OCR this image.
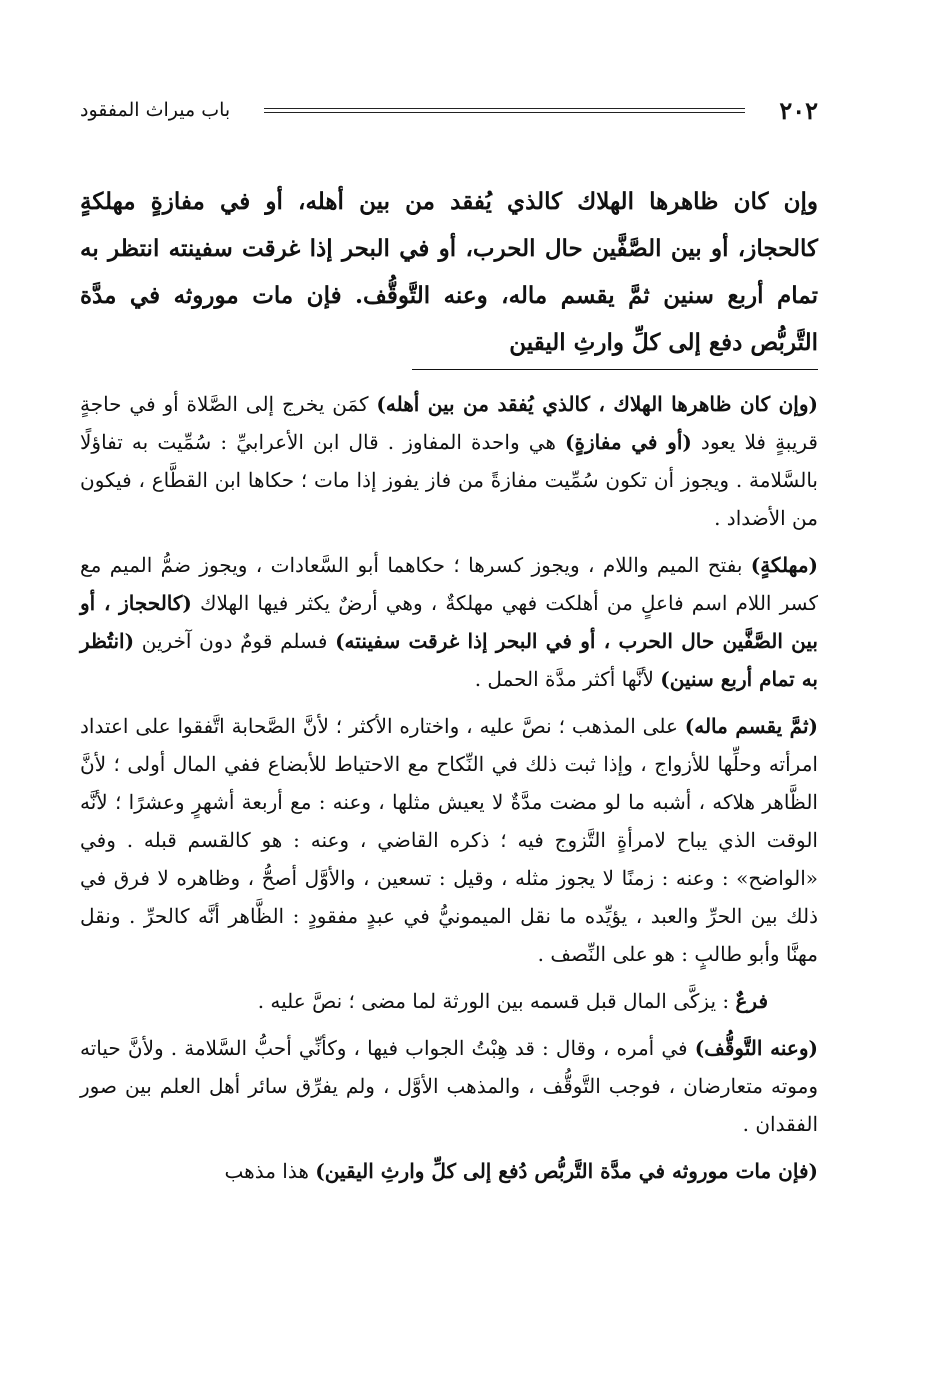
٢٠٢
باب ميراث المفقود
وإن كان ظاهرها الهلاك كالذي يُفقد من بين أهله، أو في مفازةٍ مهلكةٍ كالحجاز، أو بين الصَّفَّين حال الحرب، أو في البحر إذا غرقت سفينته انتظر به تمام أربع سنين ثمَّ يقسم ماله، وعنه التَّوقُّف. فإن مات موروثه في مدَّة التَّربُّص دفع إلى كلِّ وارثِ اليقين

(وإن كان ظاهرها الهلاك ، كالذي يُفقد من بين أهله) كمَن يخرج إلى الصَّلاة أو في حاجةٍ قريبةٍ فلا يعود (أو في مفازةٍ) هي واحدة المفاوز . قال ابن الأعرابيِّ : سُمِّيت به تفاؤلًا بالسَّلامة . ويجوز أن تكون سُمِّيت مفازةً من فاز يفوز إذا مات ؛ حكاها ابن القطَّاع ، فيكون من الأضداد .

(مهلكةٍ) بفتح الميم واللام ، ويجوز كسرها ؛ حكاهما أبو السَّعادات ، ويجوز ضمُّ الميم مع كسر اللام اسم فاعلٍ من أهلكت فهي مهلكةٌ ، وهي أرضٌ يكثر فيها الهلاك (كالحجاز ، أو بين الصَّفَّين حال الحرب ، أو في البحر إذا غرقت سفينته) فسلم قومٌ دون آخرين (انتُظر به تمام أربع سنين) لأنَّها أكثر مدَّة الحمل .

(ثمَّ يقسم ماله) على المذهب ؛ نصَّ عليه ، واختاره الأكثر ؛ لأنَّ الصَّحابة اتَّفقوا على اعتداد امرأته وحلِّها للأزواج ، وإذا ثبت ذلك في النِّكاح مع الاحتياط للأبضاع ففي المال أولى ؛ لأنَّ الظَّاهر هلاكه ، أشبه ما لو مضت مدَّةٌ لا يعيش مثلها ، وعنه : مع أربعة أشهرٍ وعشرًا ؛ لأنَّه الوقت الذي يباح لامرأةٍ التَّزوج فيه ؛ ذكره القاضي ، وعنه : هو كالقسم قبله . وفي «الواضح» : وعنه : زمنًا لا يجوز مثله ، وقيل : تسعين ، والأوَّل أصحُّ ، وظاهره لا فرق في ذلك بين الحرِّ والعبد ، يؤيِّده ما نقل الميمونيُّ في عبدٍ مفقودٍ : الظَّاهر أنَّه كالحرِّ . ونقل مهنَّا وأبو طالبٍ : هو على النِّصف .

فرعٌ : يزكَّى المال قبل قسمه بين الورثة لما مضى ؛ نصَّ عليه .

(وعنه التَّوقُّف) في أمره ، وقال : قد هِبْتُ الجواب فيها ، وكأنِّي أحبُّ السَّلامة . ولأنَّ حياته وموته متعارضان ، فوجب التَّوقُّف ، والمذهب الأوَّل ، ولم يفرِّق سائر أهل العلم بين صور الفقدان .

(فإن مات موروثه في مدَّة التَّربُّص دُفع إلى كلِّ وارثِ اليقين) هذا مذهب
